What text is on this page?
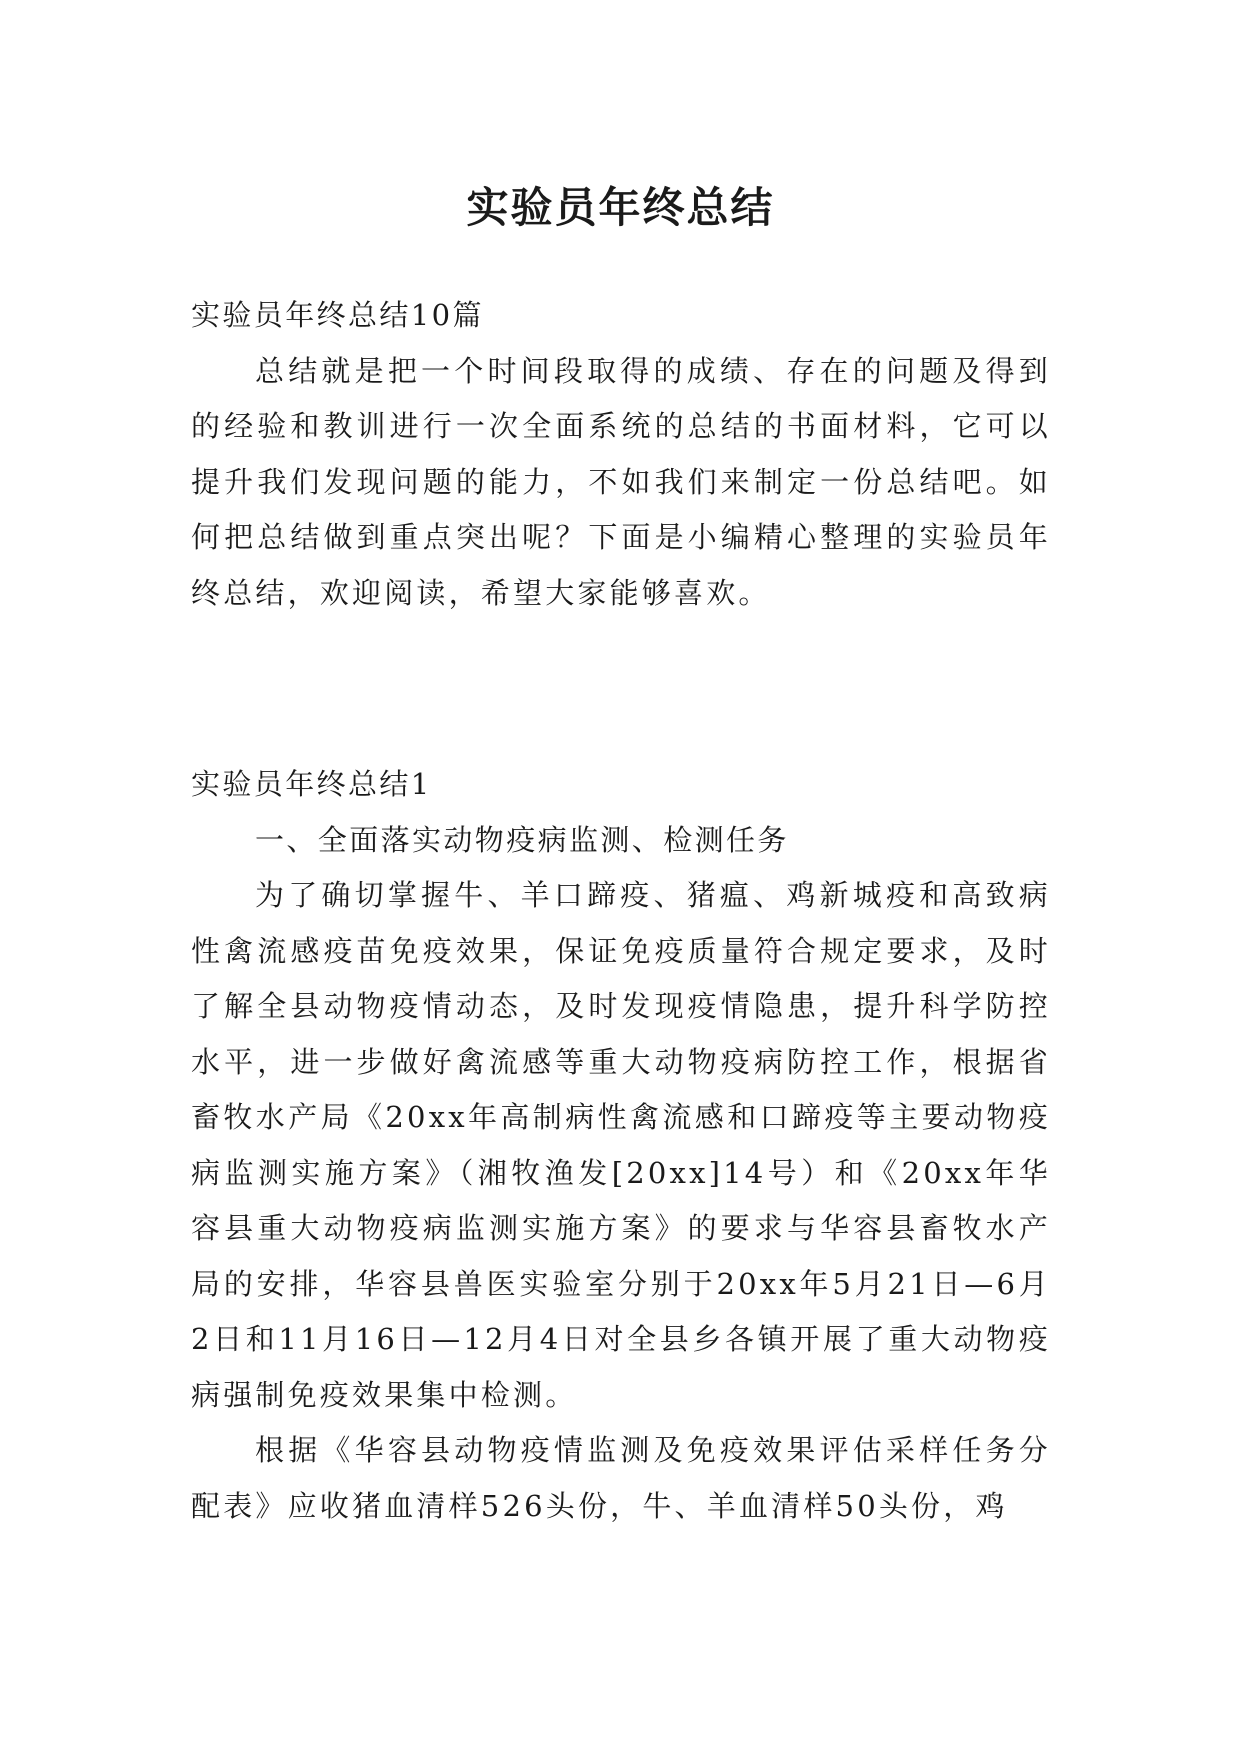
实验员年终总结

实验员年终总结10篇

总结就是把一个时间段取得的成绩、存在的问题及得到的经验和教训进行一次全面系统的总结的书面材料，它可以提升我们发现问题的能力，不如我们来制定一份总结吧。如何把总结做到重点突出呢？下面是小编精心整理的实验员年终总结，欢迎阅读，希望大家能够喜欢。

实验员年终总结1

一、全面落实动物疫病监测、检测任务

为了确切掌握牛、羊口蹄疫、猪瘟、鸡新城疫和高致病性禽流感疫苗免疫效果，保证免疫质量符合规定要求，及时了解全县动物疫情动态，及时发现疫情隐患，提升科学防控水平，进一步做好禽流感等重大动物疫病防控工作，根据省畜牧水产局《20xx年高制病性禽流感和口蹄疫等主要动物疫病监测实施方案》（湘牧渔发[20xx]14号）和《20xx年华容县重大动物疫病监测实施方案》的要求与华容县畜牧水产局的安排，华容县兽医实验室分别于20xx年5月21日—6月2日和11月16日—12月4日对全县乡各镇开展了重大动物疫病强制免疫效果集中检测。

根据《华容县动物疫情监测及免疫效果评估采样任务分配表》应收猪血清样526头份，牛、羊血清样50头份，鸡
